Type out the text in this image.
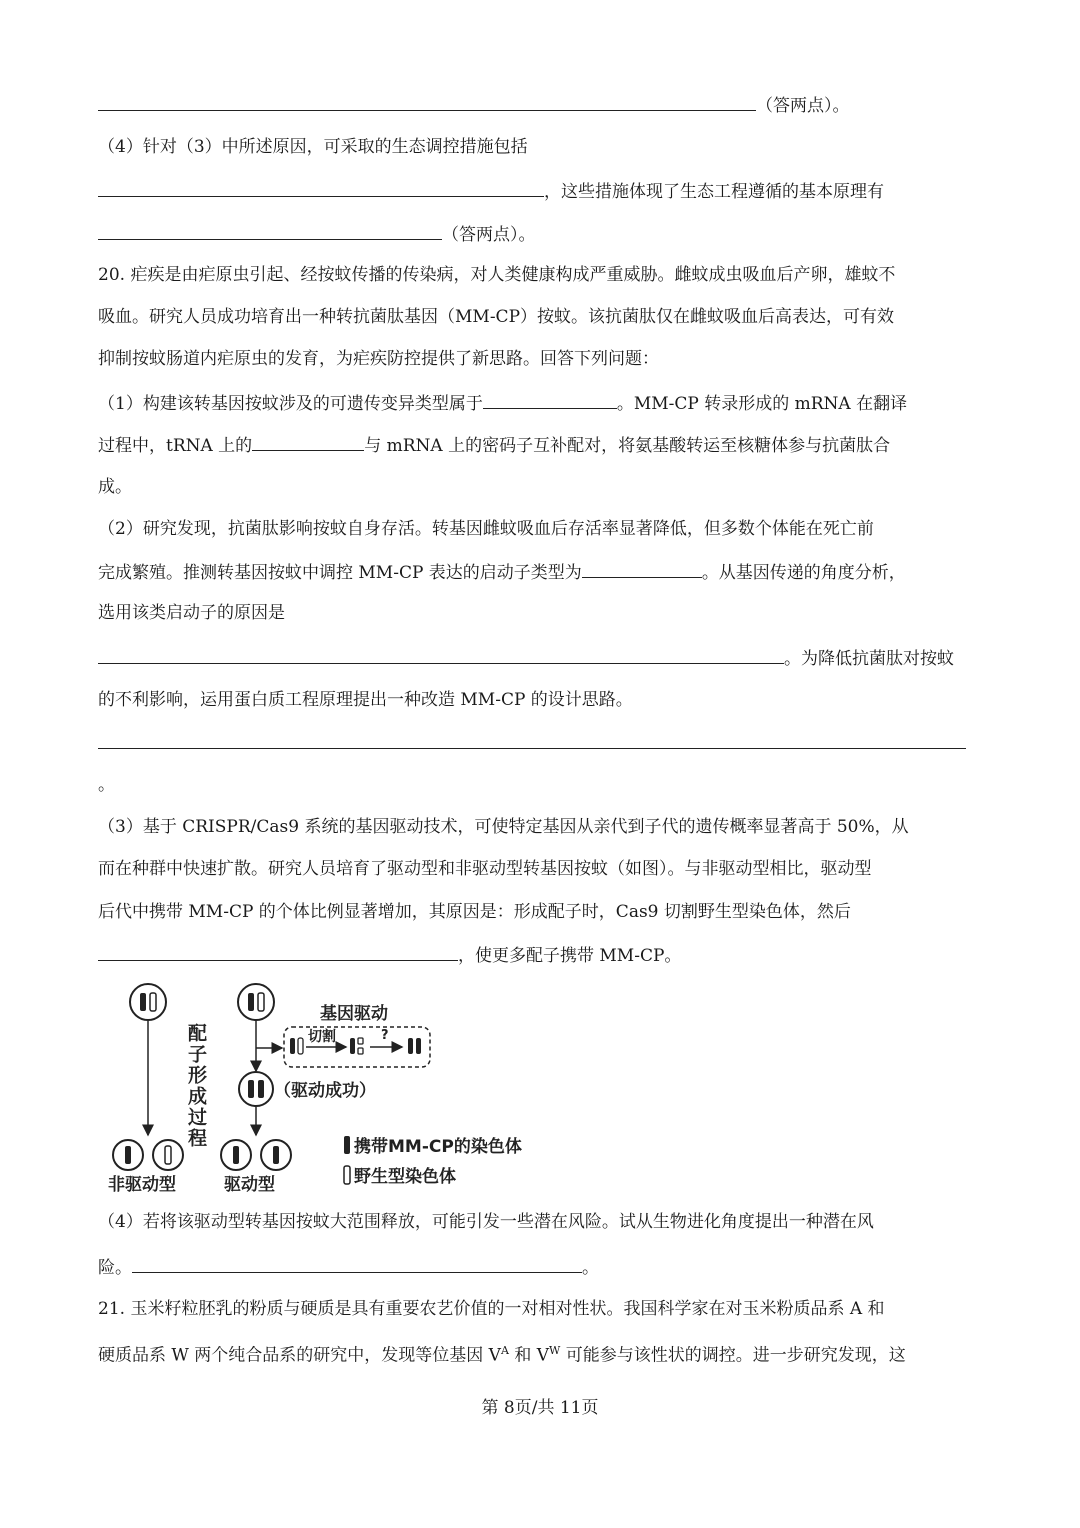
（答两点）。
（4）针对（3）中所述原因，可采取的生态调控措施包括
，这些措施体现了生态工程遵循的基本原理有
（答两点）。
20. 疟疾是由疟原虫引起、经按蚊传播的传染病，对人类健康构成严重威胁。雌蚊成虫吸血后产卵，雄蚊不
吸血。研究人员成功培育出一种转抗菌肽基因（MM-CP）按蚊。该抗菌肽仅在雌蚊吸血后高表达，可有效
抑制按蚊肠道内疟原虫的发育，为疟疾防控提供了新思路。回答下列问题：
（1）构建该转基因按蚊涉及的可遗传变异类型属于	。MM-CP 转录形成的 mRNA 在翻译
过程中，tRNA 上的	与 mRNA 上的密码子互补配对，将氨基酸转运至核糖体参与抗菌肽合
成。
（2）研究发现，抗菌肽影响按蚊自身存活。转基因雌蚊吸血后存活率显著降低，但多数个体能在死亡前
完成繁殖。推测转基因按蚊中调控 MM-CP 表达的启动子类型为	。从基因传递的角度分析，
选用该类启动子的原因是
。为降低抗菌肽对按蚊
的不利影响，运用蛋白质工程原理提出一种改造 MM-CP 的设计思路。
。
（3）基于 CRISPR/Cas9 系统的基因驱动技术，可使特定基因从亲代到子代的遗传概率显著高于 50%，从
而在种群中快速扩散。研究人员培育了驱动型和非驱动型转基因按蚊（如图）。与非驱动型相比，驱动型
后代中携带 MM-CP 的个体比例显著增加，其原因是：形成配子时，Cas9 切割野生型染色体，然后
，使更多配子携带 MM-CP。
配子形成过程
基因驱动
切割	?
（驱动成功）
非驱动型	驱动型
携带MM-CP的染色体
野生型染色体
（4）若将该驱动型转基因按蚊大范围释放，可能引发一些潜在风险。试从生物进化角度提出一种潜在风
险。	。
21. 玉米籽粒胚乳的粉质与硬质是具有重要农艺价值的一对相对性状。我国科学家在对玉米粉质品系 A 和
硬质品系 W 两个纯合品系的研究中，发现等位基因 $V^A$ 和 $V^W$ 可能参与该性状的调控。进一步研究发现，这
第 8页/共 11页
